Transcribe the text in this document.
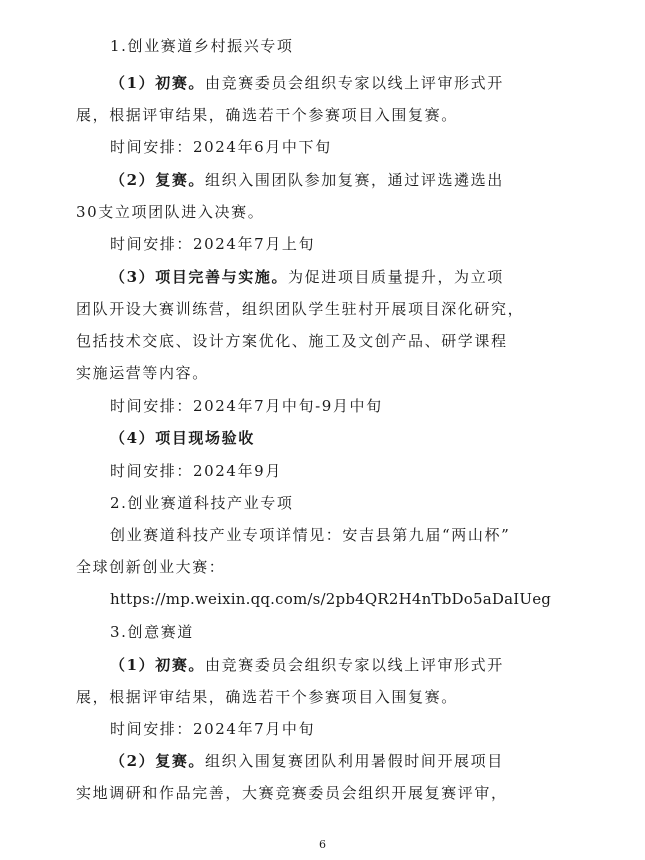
1.创业赛道乡村振兴专项
（1）初赛。由竞赛委员会组织专家以线上评审形式开
展，根据评审结果，确选若干个参赛项目入围复赛。
时间安排：2024年6月中下旬
（2）复赛。组织入围团队参加复赛，通过评选遴选出
30支立项团队进入决赛。
时间安排：2024年7月上旬
（3）项目完善与实施。为促进项目质量提升，为立项
团队开设大赛训练营，组织团队学生驻村开展项目深化研究，
包括技术交底、设计方案优化、施工及文创产品、研学课程
实施运营等内容。
时间安排：2024年7月中旬-9月中旬
（4）项目现场验收
时间安排：2024年9月
2.创业赛道科技产业专项
创业赛道科技产业专项详情见：安吉县第九届“两山杯”
全球创新创业大赛：
https://mp.weixin.qq.com/s/2pb4QR2H4nTbDo5aDaIUeg
3.创意赛道
（1）初赛。由竞赛委员会组织专家以线上评审形式开
展，根据评审结果，确选若干个参赛项目入围复赛。
时间安排：2024年7月中旬
（2）复赛。组织入围复赛团队利用暑假时间开展项目
实地调研和作品完善，大赛竞赛委员会组织开展复赛评审，
6
